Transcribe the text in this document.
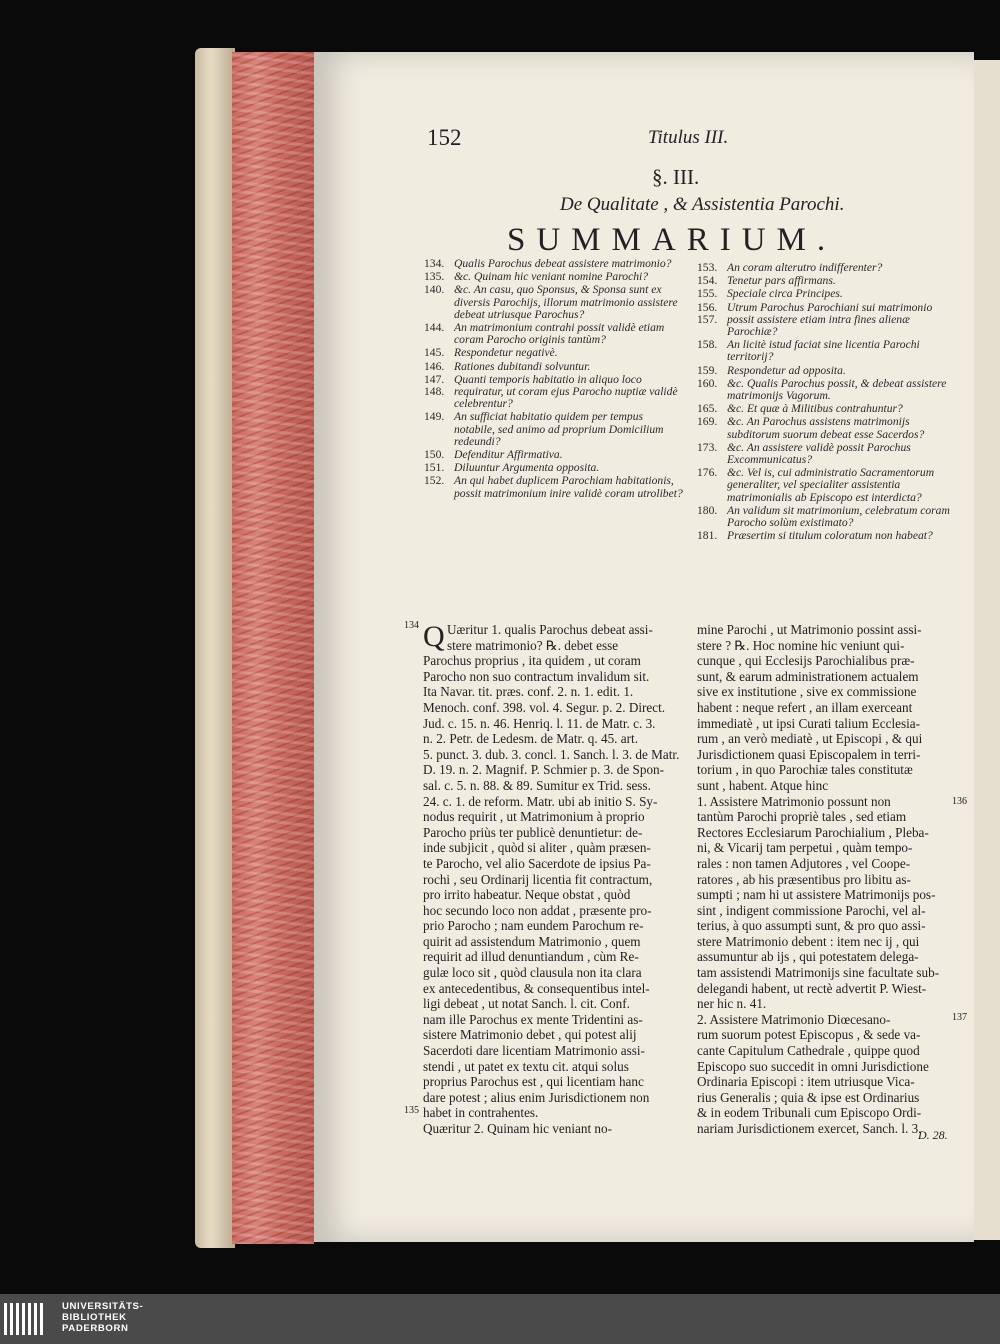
152	Titulus III.
§. III.
De Qualitate , & Assistentia Parochi.
SUMMARIUM.
134. Qualis Parochus debeat assistere matrimonio?
135. &c. Quinam hic veniant nomine Parochi?
140. &c. An casu, quo Sponsus, & Sponsa sunt ex diversis Parochijs, illorum matrimonio assistere debeat utriusque Parochus?
144. An matrimonium contrahi possit validè etiam coram Parocho originis tantùm?
145. Respondetur negativè.
146. Rationes dubitandi solvuntur.
147. 148.
Quanti temporis habitatio in aliquo loco requiratur, ut coram ejus Parocho nuptiæ validè celebrentur?
149. An sufficiat habitatio quidem per tempus notabile, sed animo ad proprium Domicilium redeundi?
150. Defenditur Affirmativa.
151. Diluuntur Argumenta opposita.
152. An qui habet duplicem Parochiam habitationis, possit matrimonium inire validè coram utrolibet?
153. An coram alterutro indifferenter?
154. Tenetur pars affirmans.
155. Speciale circa Principes.
156. 157.
Utrum Parochus Parochiani sui matrimonio possit assistere etiam intra fines alienæ Parochiæ?
158. An licitè istud faciat sine licentia Parochi territorij?
159. Respondetur ad opposita.
160. &c. Qualis Parochus possit, & debeat assistere matrimonijs Vagorum.
165. &c. Et quæ à Militibus contrahuntur?
169. &c. An Parochus assistens matrimonijs subditorum suorum debeat esse Sacerdos?
173. &c. An assistere validè possit Parochus Excommunicatus?
176. &c. Vel is, cui administratio Sacramentorum generaliter, vel specialiter assistentia matrimonialis ab Episcopo est interdicta?
180. An validum sit matrimonium, celebratum coram Parocho solùm existimato?
181. Præsertim si titulum coloratum non habeat?
134
135
136
137
Q Uæritur 1. qualis Parochus debeat assi-
stere matrimonio? ℞. debet esse
Parochus proprius , ita quidem , ut coram
Parocho non suo contractum invalidum sit.
Ita Navar. tit. præs. conf. 2. n. 1. edit. 1.
Menoch. conf. 398. vol. 4. Segur. p. 2. Direct.
Jud. c. 15. n. 46. Henriq. l. 11. de Matr. c. 3.
n. 2. Petr. de Ledesm. de Matr. q. 45. art.
5. punct. 3. dub. 3. concl. 1. Sanch. l. 3. de Matr.
D. 19. n. 2. Magnif. P. Schmier p. 3. de Spon-
sal. c. 5. n. 88. & 89. Sumitur ex Trid. sess.
24. c. 1. de reform. Matr. ubi ab initio S. Sy-
nodus requirit , ut Matrimonium à proprio
Parocho priùs ter publicè denuntietur: de-
inde subjicit , quòd si aliter , quàm præsen-
te Parocho, vel alio Sacerdote de ipsius Pa-
rochi , seu Ordinarij licentia fit contractum,
pro irrito habeatur. Neque obstat , quòd
hoc secundo loco non addat , præsente pro-
prio Parocho ; nam eundem Parochum re-
quirit ad assistendum Matrimonio , quem
requirit ad illud denuntiandum , cùm Re-
gulæ loco sit , quòd clausula non ita clara
ex antecedentibus, & consequentibus intel-
ligi debeat , ut notat Sanch. l. cit. Conf.
nam ille Parochus ex mente Tridentini as-
sistere Matrimonio debet , qui potest alij
Sacerdoti dare licentiam Matrimonio assi-
stendi , ut patet ex textu cit. atqui solus
proprius Parochus est , qui licentiam hanc
dare potest ; alius enim Jurisdictionem non
habet in contrahentes.
Quæritur 2. Quinam hic veniant no-
mine Parochi , ut Matrimonio possint assi-
stere ? ℞. Hoc nomine hic veniunt qui-
cunque , qui Ecclesijs Parochialibus præ-
sunt, & earum administrationem actualem
sive ex institutione , sive ex commissione
habent : neque refert , an illam exerceant
immediatè , ut ipsi Curati talium Ecclesia-
rum , an verò mediatè , ut Episcopi , & qui
Jurisdictionem quasi Episcopalem in terri-
torium , in quo Parochiæ tales constitutæ
sunt , habent. Atque hinc
1. Assistere Matrimonio possunt non
tantùm Parochi propriè tales , sed etiam
Rectores Ecclesiarum Parochialium , Pleba-
ni, & Vicarij tam perpetui , quàm tempo-
rales : non tamen Adjutores , vel Coope-
ratores , ab his præsentibus pro libitu as-
sumpti ; nam hi ut assistere Matrimonijs pos-
sint , indigent commissione Parochi, vel al-
terius, à quo assumpti sunt, & pro quo assi-
stere Matrimonio debent : item nec ij , qui
assumuntur ab ijs , qui potestatem delega-
tam assistendi Matrimonijs sine facultate sub-
delegandi habent, ut rectè advertit P. Wiest-
ner hic n. 41.
2. Assistere Matrimonio Diœcesano-
rum suorum potest Episcopus , & sede va-
cante Capitulum Cathedrale , quippe quod
Episcopo suo succedit in omni Jurisdictione
Ordinaria Episcopi : item utriusque Vica-
rius Generalis ; quia & ipse est Ordinarius
& in eodem Tribunali cum Episcopo Ordi-
nariam Jurisdictionem exercet, Sanch. l. 3.
D. 28.
UNIVERSITÄTS-
BIBLIOTHEK
PADERBORN
